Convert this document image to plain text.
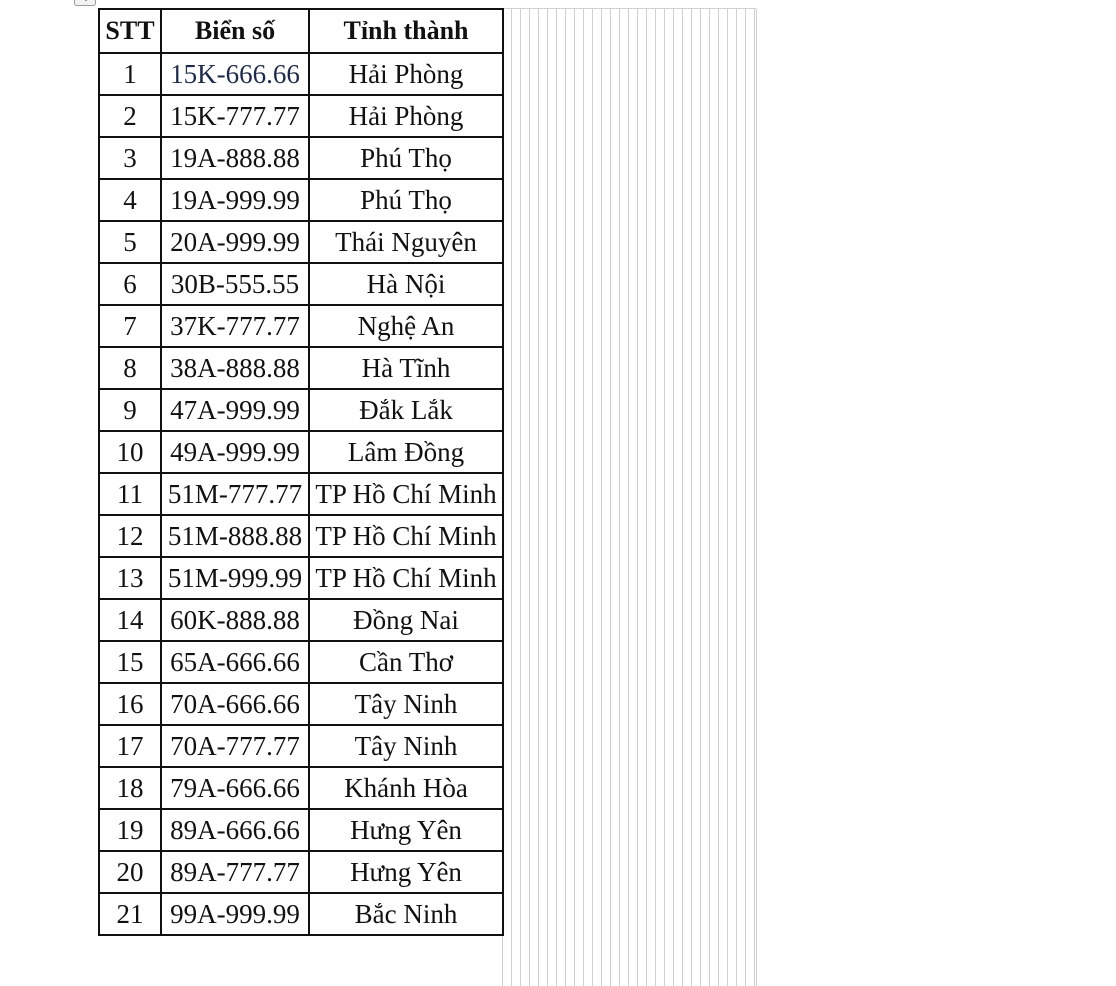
STT	Biển số	Tỉnh thành
1	15K-666.66	Hải Phòng
2	15K-777.77	Hải Phòng
3	19A-888.88	Phú Thọ
4	19A-999.99	Phú Thọ
5	20A-999.99	Thái Nguyên
6	30B-555.55	Hà Nội
7	37K-777.77	Nghệ An
8	38A-888.88	Hà Tĩnh
9	47A-999.99	Đắk Lắk
10	49A-999.99	Lâm Đồng
11	51M-777.77	TP Hồ Chí Minh
12	51M-888.88	TP Hồ Chí Minh
13	51M-999.99	TP Hồ Chí Minh
14	60K-888.88	Đồng Nai
15	65A-666.66	Cần Thơ
16	70A-666.66	Tây Ninh
17	70A-777.77	Tây Ninh
18	79A-666.66	Khánh Hòa
19	89A-666.66	Hưng Yên
20	89A-777.77	Hưng Yên
21	99A-999.99	Bắc Ninh
